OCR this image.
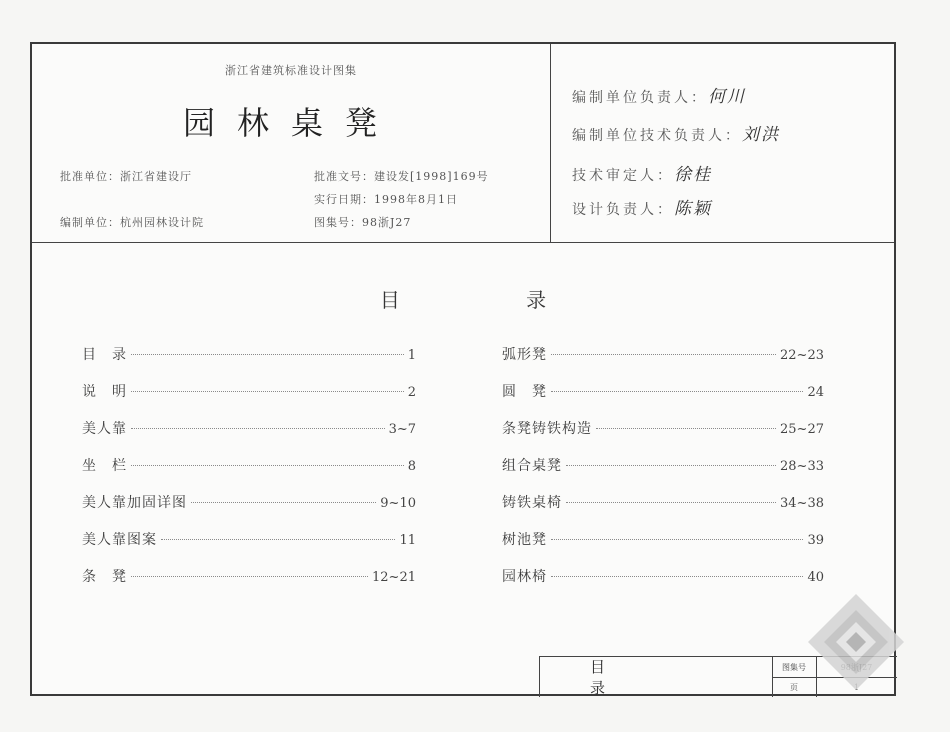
浙江省建筑标准设计图集
园林桌凳
批准单位：浙江省建设厅
编制单位：杭州园林设计院
批准文号：建设发[1998]169号
实行日期：1998年8月1日
图集号：98浙J27
编制单位负责人：何川
编制单位技术负责人：刘洪
技术审定人：徐桂
设计负责人：陈颖
目 录
目　录	1
说　明	2
美人靠	3~7
坐　栏	8
美人靠加固详图	9~10
美人靠图案	11
条　凳	12~21
弧形凳	22~23
圆　凳	24
条凳铸铁构造	25~27
组合桌凳	28~33
铸铁桌椅	34~38
树池凳	39
园林椅	40
目 录
图集号
页
